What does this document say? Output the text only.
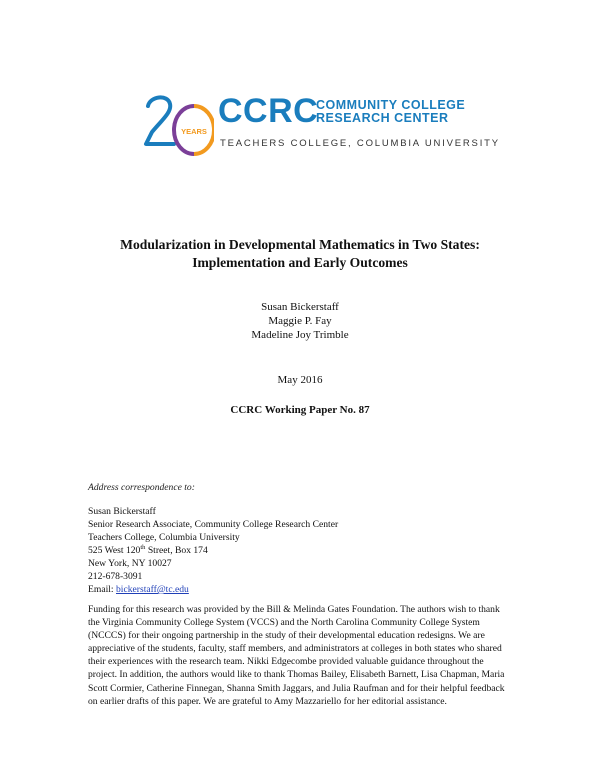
YEARS
CCRC
COMMUNITY COLLEGE
RESEARCH CENTER
TEACHERS COLLEGE, COLUMBIA UNIVERSITY
Modularization in Developmental Mathematics in Two States:
Implementation and Early Outcomes
Susan Bickerstaff
Maggie P. Fay
Madeline Joy Trimble
May 2016
CCRC Working Paper No. 87
Address correspondence to:
Susan Bickerstaff
Senior Research Associate, Community College Research Center
Teachers College, Columbia University
525 West 120th Street, Box 174
New York, NY 10027
212-678-3091
Email: bickerstaff@tc.edu
Funding for this research was provided by the Bill & Melinda Gates Foundation. The authors wish to thank the Virginia Community College System (VCCS) and the North Carolina Community College System (NCCCS) for their ongoing partnership in the study of their developmental education redesigns. We are appreciative of the students, faculty, staff members, and administrators at colleges in both states who shared their experiences with the research team. Nikki Edgecombe provided valuable guidance throughout the project. In addition, the authors would like to thank Thomas Bailey, Elisabeth Barnett, Lisa Chapman, Maria Scott Cormier, Catherine Finnegan, Shanna Smith Jaggars, and Julia Raufman and for their helpful feedback on earlier drafts of this paper. We are grateful to Amy Mazzariello for her editorial assistance.
